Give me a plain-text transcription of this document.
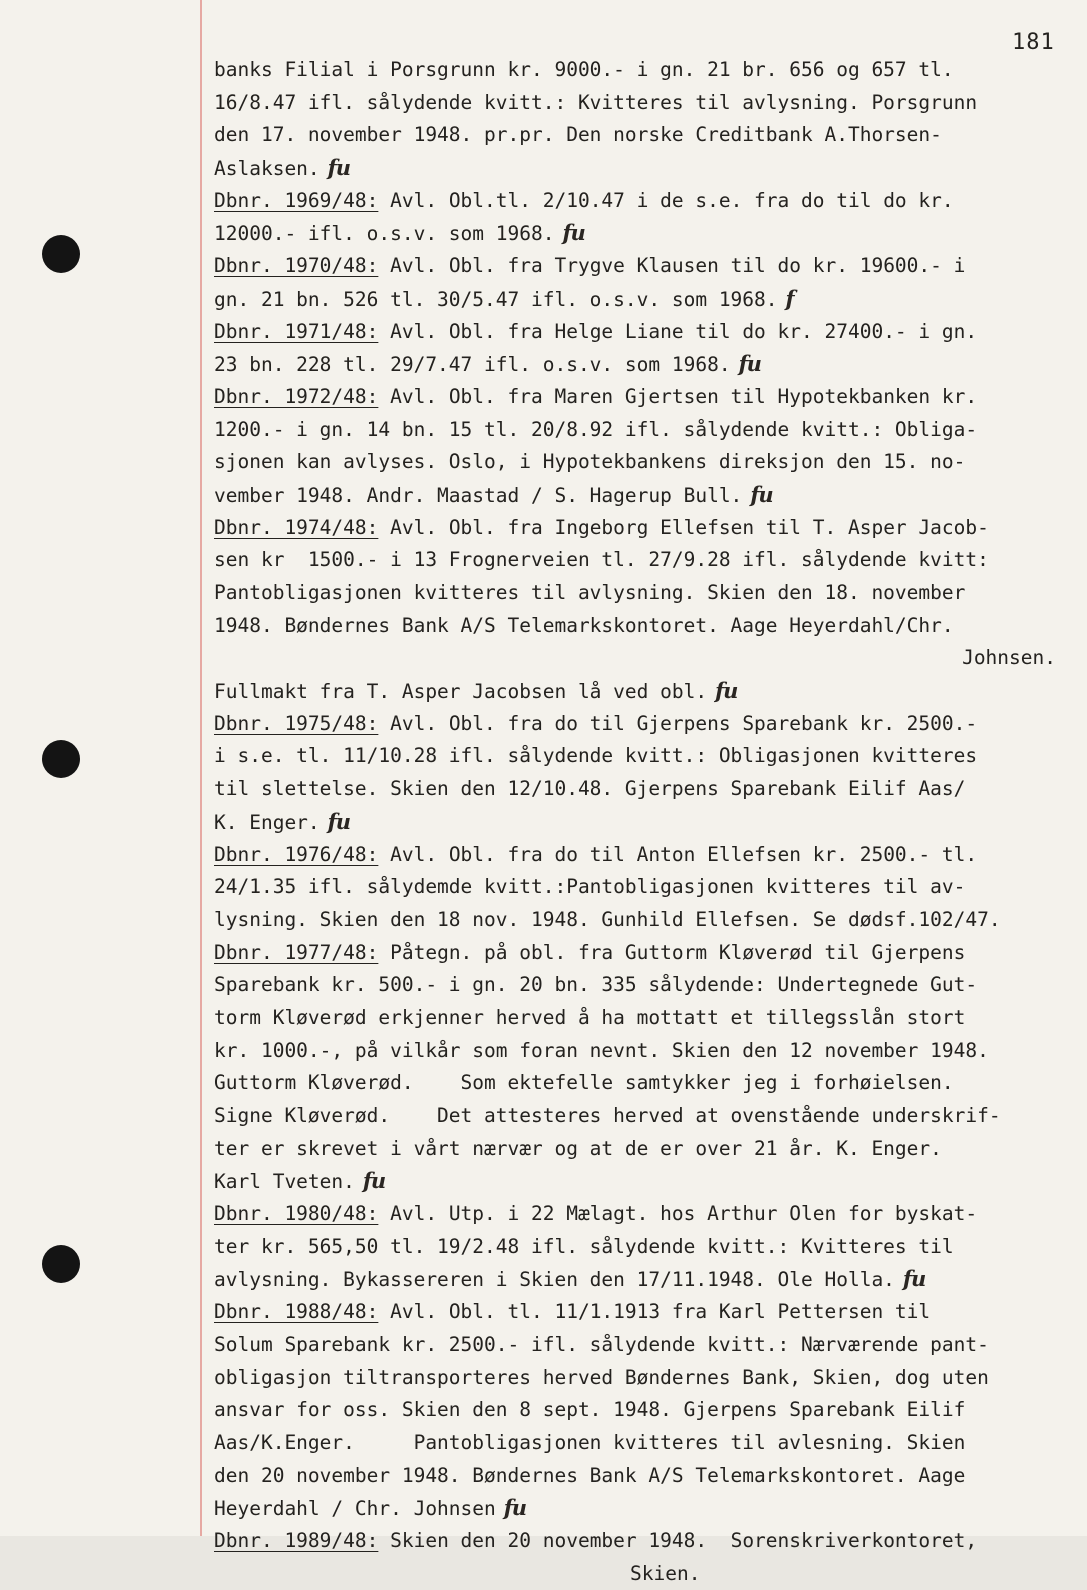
181
banks Filial i Porsgrunn kr. 9000.- i gn. 21 br. 656 og 657 tl.
16/8.47 ifl. sålydende kvitt.: Kvitteres til avlysning. Porsgrunn
den 17. november 1948. pr.pr. Den norske Creditbank A.Thorsen-
Aslaksen. fu
Dbnr. 1969/48: Avl. Obl.tl. 2/10.47 i de s.e. fra do til do kr.
12000.- ifl. o.s.v. som 1968. fu
Dbnr. 1970/48: Avl. Obl. fra Trygve Klausen til do kr. 19600.- i
gn. 21 bn. 526 tl. 30/5.47 ifl. o.s.v. som 1968. f
Dbnr. 1971/48: Avl. Obl. fra Helge Liane til do kr. 27400.- i gn.
23 bn. 228 tl. 29/7.47 ifl. o.s.v. som 1968. fu
Dbnr. 1972/48: Avl. Obl. fra Maren Gjertsen til Hypotekbanken kr.
1200.- i gn. 14 bn. 15 tl. 20/8.92 ifl. sålydende kvitt.: Obliga-
sjonen kan avlyses. Oslo, i Hypotekbankens direksjon den 15. no-
vember 1948. Andr. Maastad / S. Hagerup Bull. fu
Dbnr. 1974/48: Avl. Obl. fra Ingeborg Ellefsen til T. Asper Jacob-
sen kr  1500.- i 13 Frognerveien tl. 27/9.28 ifl. sålydende kvitt:
Pantobligasjonen kvitteres til avlysning. Skien den 18. november
1948. Bøndernes Bank A/S Telemarkskontoret. Aage Heyerdahl/Chr.
Johnsen.
Fullmakt fra T. Asper Jacobsen lå ved obl. fu
Dbnr. 1975/48: Avl. Obl. fra do til Gjerpens Sparebank kr. 2500.-
i s.e. tl. 11/10.28 ifl. sålydende kvitt.: Obligasjonen kvitteres
til slettelse. Skien den 12/10.48. Gjerpens Sparebank Eilif Aas/
K. Enger. fu
Dbnr. 1976/48: Avl. Obl. fra do til Anton Ellefsen kr. 2500.- tl.
24/1.35 ifl. sålydemde kvitt.:Pantobligasjonen kvitteres til av-
lysning. Skien den 18 nov. 1948. Gunhild Ellefsen. Se dødsf.102/47.
Dbnr. 1977/48: Påtegn. på obl. fra Guttorm Kløverød til Gjerpens
Sparebank kr. 500.- i gn. 20 bn. 335 sålydende: Undertegnede Gut-
torm Kløverød erkjenner herved å ha mottatt et tillegsslån stort
kr. 1000.-, på vilkår som foran nevnt. Skien den 12 november 1948.
Guttorm Kløverød.    Som ektefelle samtykker jeg i forhøielsen.
Signe Kløverød.    Det attesteres herved at ovenstående underskrif-
ter er skrevet i vårt nærvær og at de er over 21 år. K. Enger.
Karl Tveten. fu
Dbnr. 1980/48: Avl. Utp. i 22 Mælagt. hos Arthur Olen for byskat-
ter kr. 565,50 tl. 19/2.48 ifl. sålydende kvitt.: Kvitteres til
avlysning. Bykassereren i Skien den 17/11.1948. Ole Holla. fu
Dbnr. 1988/48: Avl. Obl. tl. 11/1.1913 fra Karl Pettersen til
Solum Sparebank kr. 2500.- ifl. sålydende kvitt.: Nærværende pant-
obligasjon tiltransporteres herved Bøndernes Bank, Skien, dog uten
ansvar for oss. Skien den 8 sept. 1948. Gjerpens Sparebank Eilif
Aas/K.Enger.     Pantobligasjonen kvitteres til avlesning. Skien
den 20 november 1948. Bøndernes Bank A/S Telemarkskontoret. Aage
Heyerdahl / Chr. Johnsen fu
Dbnr. 1989/48: Skien den 20 november 1948.  Sorenskriverkontoret,
Skien.
